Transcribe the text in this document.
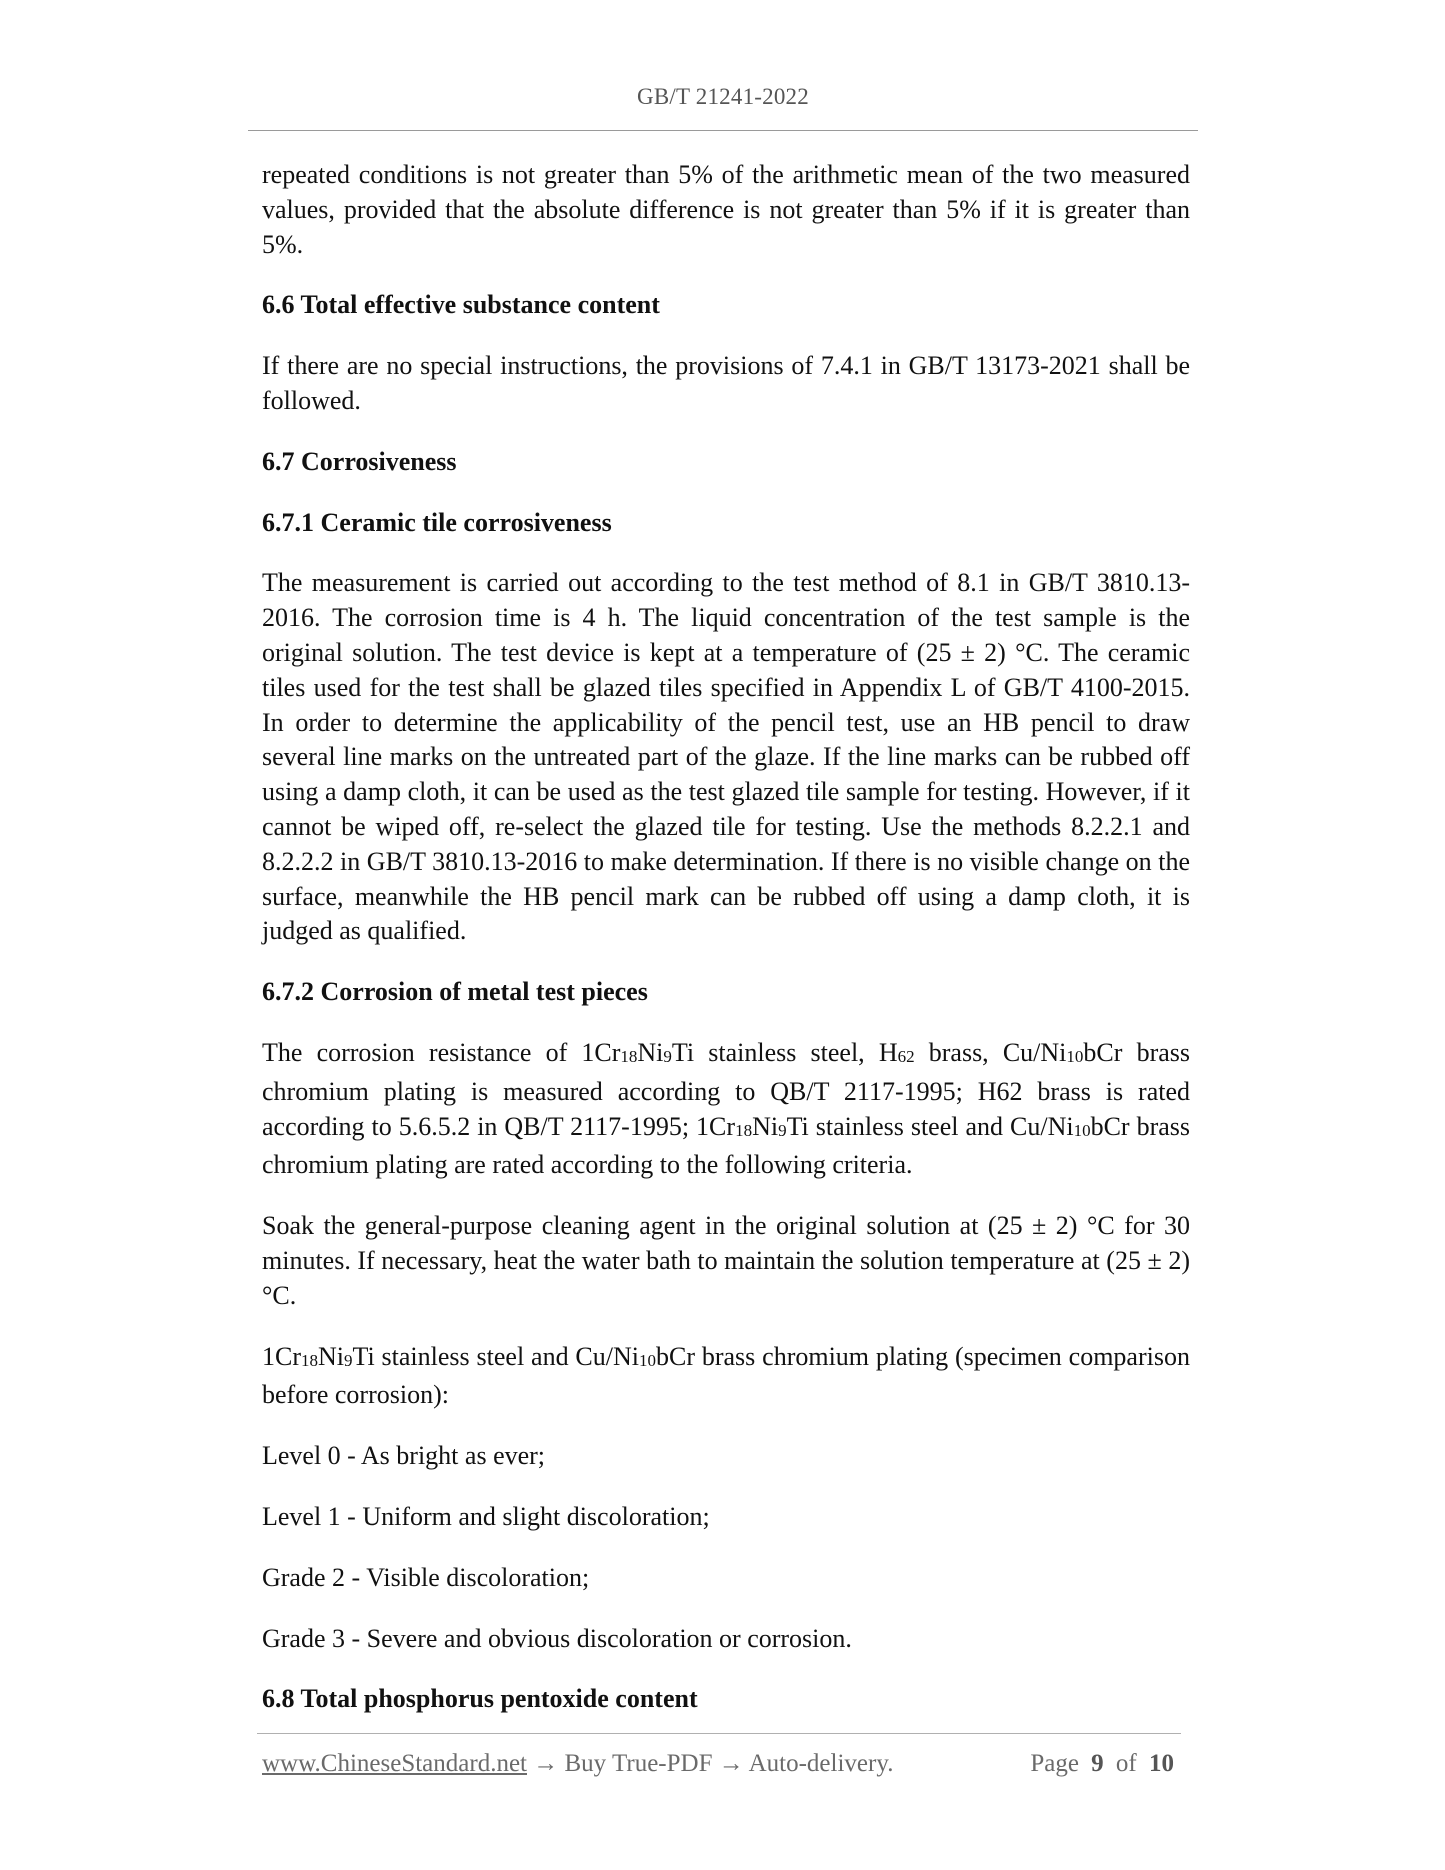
GB/T 21241-2022

repeated conditions is not greater than 5% of the arithmetic mean of the two measured values, provided that the absolute difference is not greater than 5% if it is greater than 5%.

6.6 Total effective substance content

If there are no special instructions, the provisions of 7.4.1 in GB/T 13173-2021 shall be followed.

6.7 Corrosiveness
6.7.1 Ceramic tile corrosiveness

The measurement is carried out according to the test method of 8.1 in GB/T 3810.13-2016. The corrosion time is 4 h. The liquid concentration of the test sample is the original solution. The test device is kept at a temperature of (25 ± 2) °C. The ceramic tiles used for the test shall be glazed tiles specified in Appendix L of GB/T 4100-2015. In order to determine the applicability of the pencil test, use an HB pencil to draw several line marks on the untreated part of the glaze. If the line marks can be rubbed off using a damp cloth, it can be used as the test glazed tile sample for testing. However, if it cannot be wiped off, re-select the glazed tile for testing. Use the methods 8.2.2.1 and 8.2.2.2 in GB/T 3810.13-2016 to make determination. If there is no visible change on the surface, meanwhile the HB pencil mark can be rubbed off using a damp cloth, it is judged as qualified.

6.7.2 Corrosion of metal test pieces

The corrosion resistance of 1Cr18Ni9Ti stainless steel, H62 brass, Cu/Ni10bCr brass chromium plating is measured according to QB/T 2117-1995; H62 brass is rated according to 5.6.5.2 in QB/T 2117-1995; 1Cr18Ni9Ti stainless steel and Cu/Ni10bCr brass chromium plating are rated according to the following criteria.

Soak the general-purpose cleaning agent in the original solution at (25 ± 2) °C for 30 minutes. If necessary, heat the water bath to maintain the solution temperature at (25 ± 2) °C.

1Cr18Ni9Ti stainless steel and Cu/Ni10bCr brass chromium plating (specimen comparison before corrosion):

Level 0 - As bright as ever;

Level 1 - Uniform and slight discoloration;

Grade 2 - Visible discoloration;

Grade 3 - Severe and obvious discoloration or corrosion.

6.8 Total phosphorus pentoxide content
www.ChineseStandard.net → Buy True-PDF → Auto-delivery.	Page 9 of 10
